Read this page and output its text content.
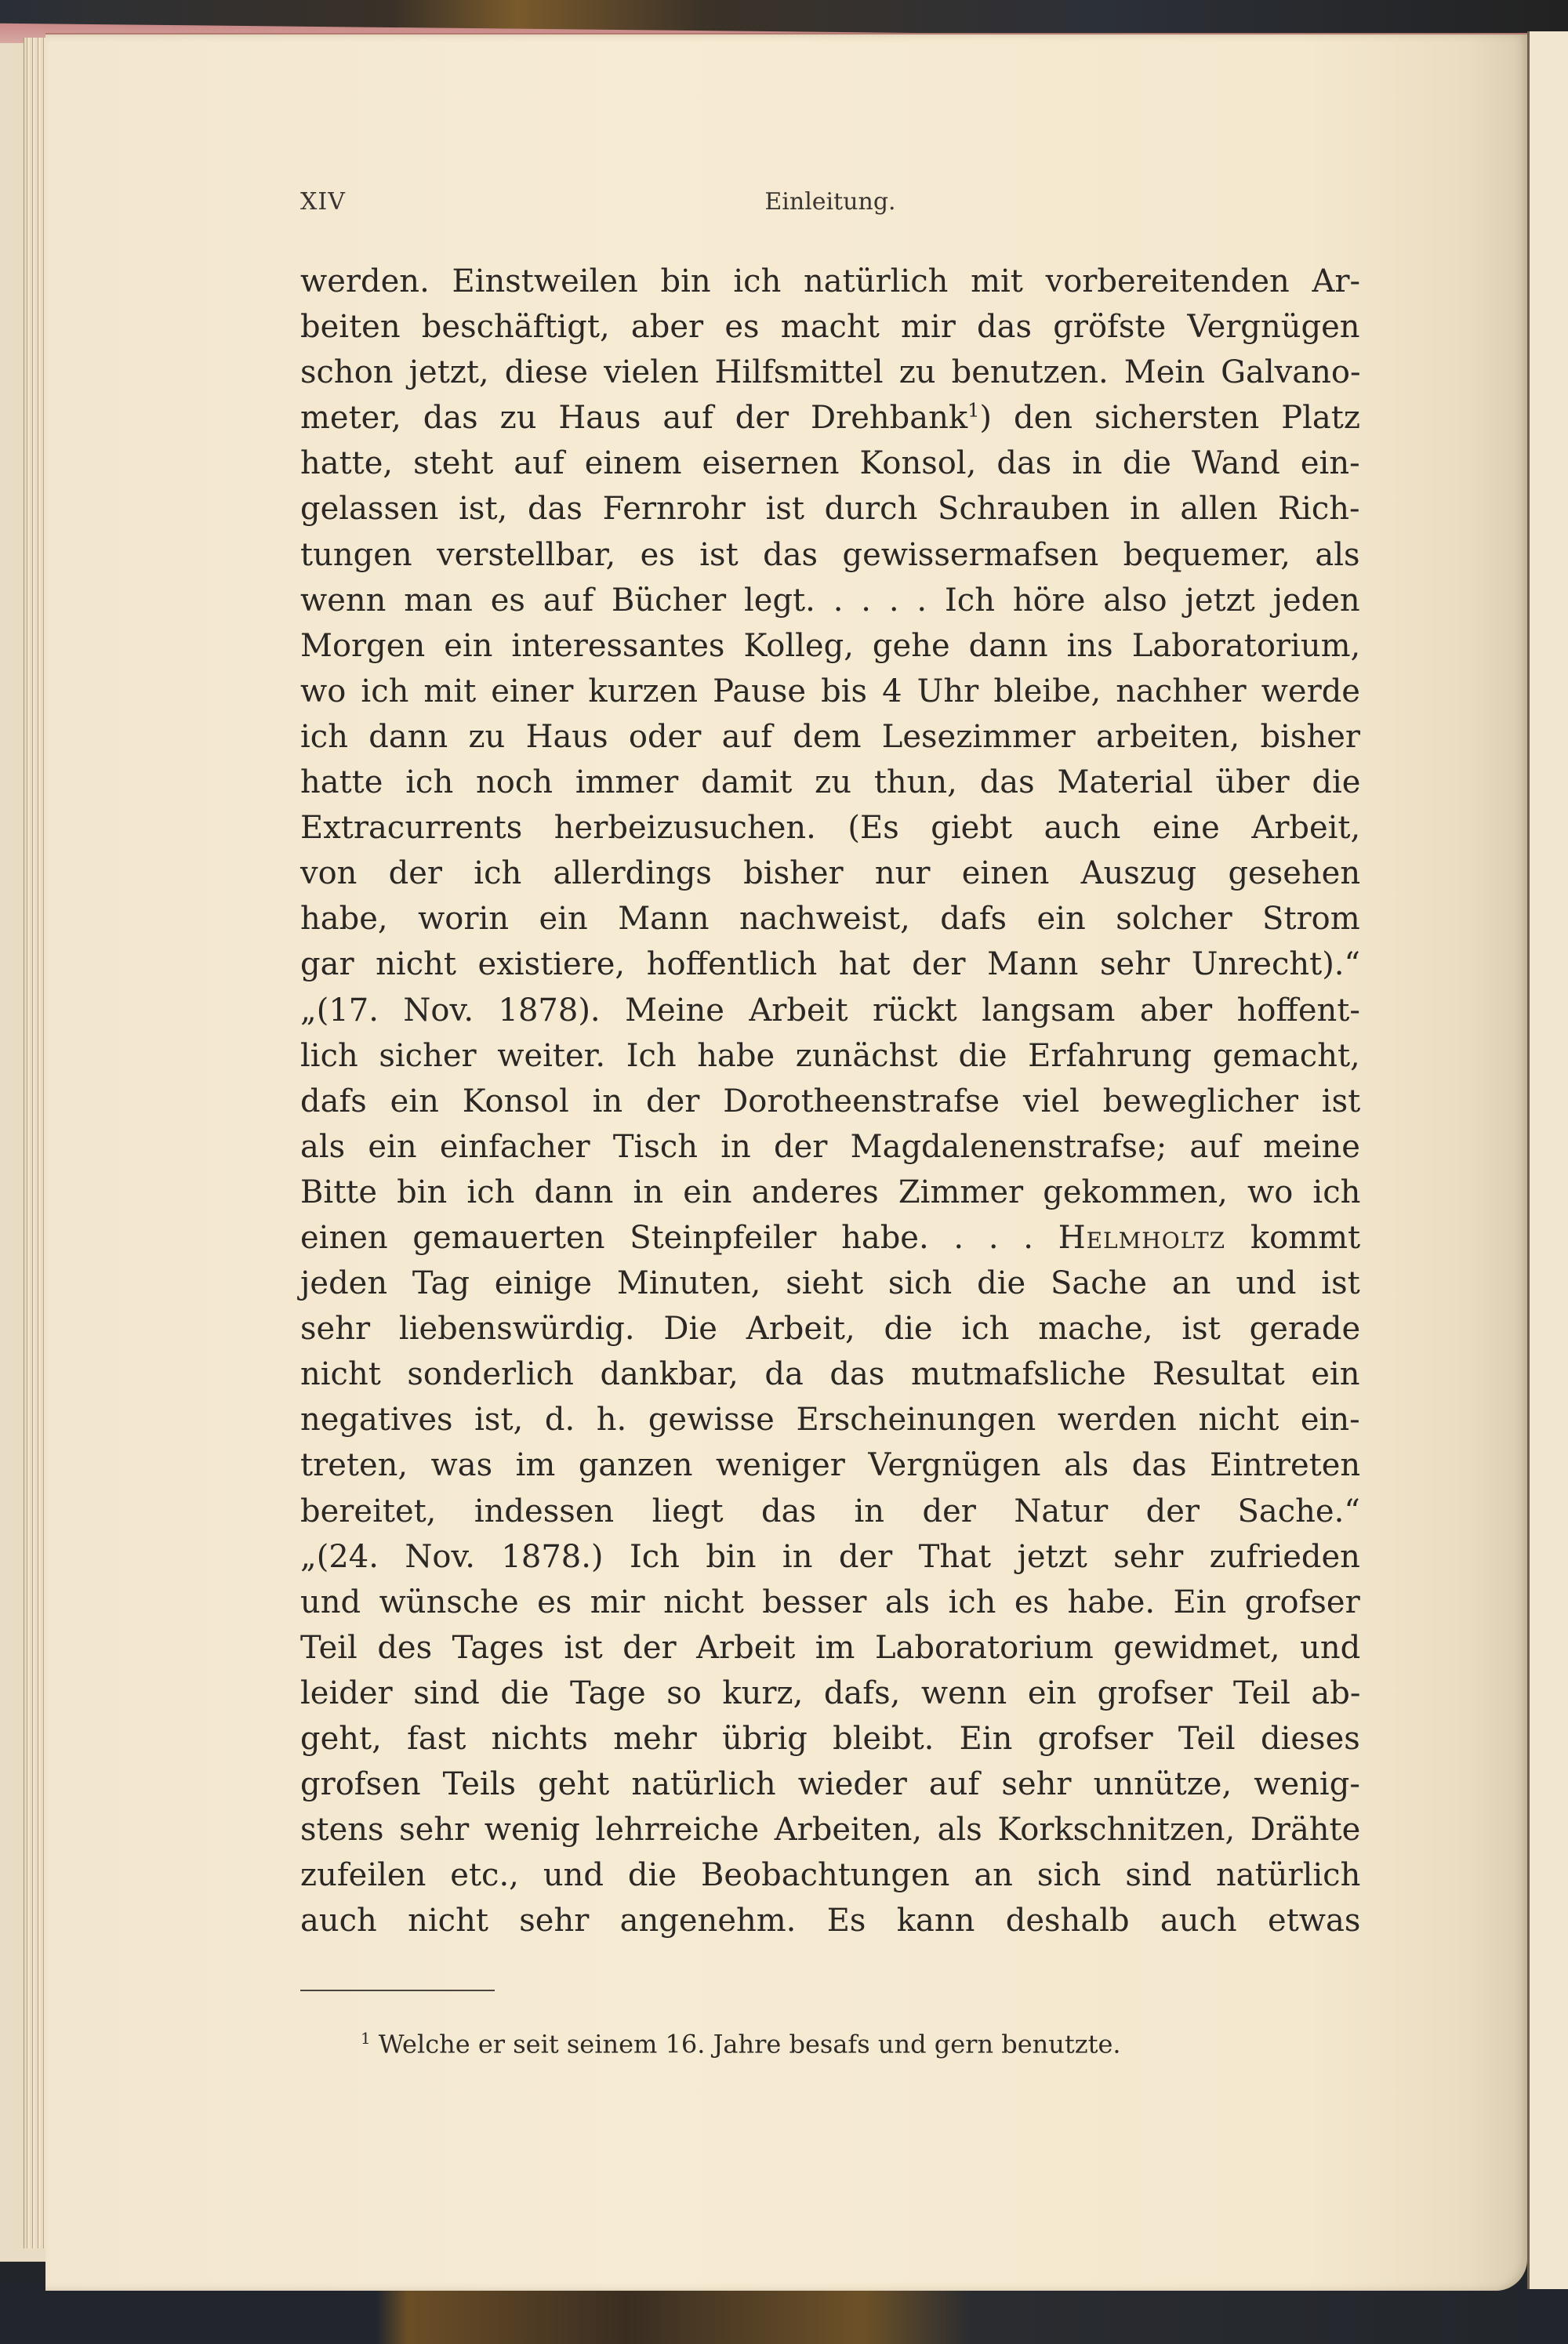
XIV	Einleitung.
werden. Einstweilen bin ich natürlich mit vorbereitenden Ar-
beiten beschäftigt, aber es macht mir das gröfste Vergnügen
schon jetzt, diese vielen Hilfsmittel zu benutzen. Mein Galvano-
meter, das zu Haus auf der Drehbank$^1$) den sichersten Platz
hatte, steht auf einem eisernen Konsol, das in die Wand ein-
gelassen ist, das Fernrohr ist durch Schrauben in allen Rich-
tungen verstellbar, es ist das gewissermafsen bequemer, als
wenn man es auf Bücher legt. . . . . Ich höre also jetzt jeden
Morgen ein interessantes Kolleg, gehe dann ins Laboratorium,
wo ich mit einer kurzen Pause bis 4 Uhr bleibe, nachher werde
ich dann zu Haus oder auf dem Lesezimmer arbeiten, bisher
hatte ich noch immer damit zu thun, das Material über die
Extracurrents herbeizusuchen. (Es giebt auch eine Arbeit,
von der ich allerdings bisher nur einen Auszug gesehen
habe, worin ein Mann nachweist, dafs ein solcher Strom
gar nicht existiere, hoffentlich hat der Mann sehr Unrecht).“
„(17. Nov. 1878). Meine Arbeit rückt langsam aber hoffent-
lich sicher weiter. Ich habe zunächst die Erfahrung gemacht,
dafs ein Konsol in der Dorotheenstrafse viel beweglicher ist
als ein einfacher Tisch in der Magdalenenstrafse; auf meine
Bitte bin ich dann in ein anderes Zimmer gekommen, wo ich
einen gemauerten Steinpfeiler habe. . . . Helmholtz kommt
jeden Tag einige Minuten, sieht sich die Sache an und ist
sehr liebenswürdig. Die Arbeit, die ich mache, ist gerade
nicht sonderlich dankbar, da das mutmafsliche Resultat ein
negatives ist, d. h. gewisse Erscheinungen werden nicht ein-
treten, was im ganzen weniger Vergnügen als das Eintreten
bereitet, indessen liegt das in der Natur der Sache.“
„(24. Nov. 1878.) Ich bin in der That jetzt sehr zufrieden
und wünsche es mir nicht besser als ich es habe. Ein grofser
Teil des Tages ist der Arbeit im Laboratorium gewidmet, und
leider sind die Tage so kurz, dafs, wenn ein grofser Teil ab-
geht, fast nichts mehr übrig bleibt. Ein grofser Teil dieses
grofsen Teils geht natürlich wieder auf sehr unnütze, wenig-
stens sehr wenig lehrreiche Arbeiten, als Korkschnitzen, Drähte
zufeilen etc., und die Beobachtungen an sich sind natürlich
auch nicht sehr angenehm. Es kann deshalb auch etwas
$^1$ Welche er seit seinem 16. Jahre besafs und gern benutzte.
